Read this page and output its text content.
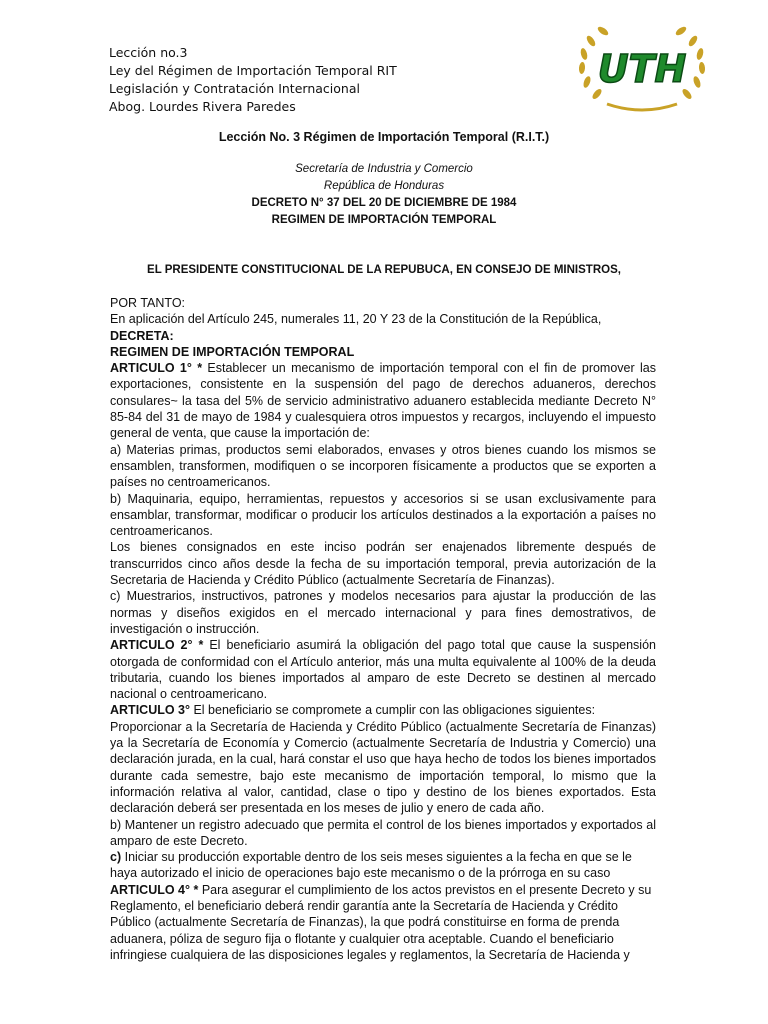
Lección no.3
Ley del Régimen de Importación Temporal RIT
Legislación y Contratación Internacional
Abog. Lourdes Rivera Paredes
UTH
Lección No. 3 Régimen de Importación Temporal (R.I.T.)
Secretaría de Industria y Comercio
República de Honduras
DECRETO N° 37 DEL 20 DE DICIEMBRE DE 1984
REGIMEN DE IMPORTACIÓN TEMPORAL
EL PRESIDENTE CONSTITUCIONAL DE LA REPUBUCA, EN CONSEJO DE MINISTROS,

POR TANTO:

En aplicación del Artículo 245, numerales 11, 20 Y 23 de la Constitución de la República,

DECRETA:

REGIMEN DE IMPORTACIÓN TEMPORAL

ARTICULO 1° * Establecer un mecanismo de importación temporal con el fin de promover las exportaciones, consistente en la suspensión del pago de derechos aduaneros, derechos consulares~ la tasa del 5% de servicio administrativo aduanero establecida mediante Decreto N° 85-84 del 31 de mayo de 1984 y cualesquiera otros impuestos y recargos, incluyendo el impuesto general de venta, que cause la importación de:

a) Materias primas, productos semi elaborados, envases y otros bienes cuando los mismos se ensamblen, transformen, modifiquen o se incorporen físicamente a productos que se exporten a países no centroamericanos.

b) Maquinaria, equipo, herramientas, repuestos y accesorios si se usan exclusivamente para ensamblar, transformar, modificar o producir los artículos destinados a la exportación a países no centroamericanos.

Los bienes consignados en este inciso podrán ser enajenados libremente después de transcurridos cinco años desde la fecha de su importación temporal, previa autorización de la Secretaria de Hacienda y Crédito Público (actualmente Secretaría de Finanzas).

c) Muestrarios, instructivos, patrones y modelos necesarios para ajustar la producción de las normas y diseños exigidos en el mercado internacional y para fines demostrativos, de investigación o instrucción.

ARTICULO 2° * El beneficiario asumirá la obligación del pago total que cause la suspensión otorgada de conformidad con el Artículo anterior, más una multa equivalente al 100% de la deuda tributaria, cuando los bienes importados al amparo de este Decreto se destinen al mercado nacional o centroamericano.

ARTICULO 3° El beneficiario se compromete a cumplir con las obligaciones siguientes:

Proporcionar a la Secretaría de Hacienda y Crédito Público (actualmente Secretaría de Finanzas) ya la Secretaría de Economía y Comercio (actualmente Secretaría de Industria y Comercio) una declaración jurada, en la cual, hará constar el uso que haya hecho de todos los bienes importados durante cada semestre, bajo este mecanismo de importación temporal, lo mismo que la información relativa al valor, cantidad, clase o tipo y destino de los bienes exportados. Esta declaración deberá ser presentada en los meses de julio y enero de cada año.

b) Mantener un registro adecuado que permita el control de los bienes importados y exportados al amparo de este Decreto.

c) Iniciar su producción exportable dentro de los seis meses siguientes a la fecha en que se le haya autorizado el inicio de operaciones bajo este mecanismo o de la prórroga en su caso

ARTICULO 4° * Para asegurar el cumplimiento de los actos previstos en el presente Decreto y su Reglamento, el beneficiario deberá rendir garantía ante la Secretaría de Hacienda y Crédito Público (actualmente Secretaría de Finanzas), la que podrá constituirse en forma de prenda aduanera, póliza de seguro fija o flotante y cualquier otra aceptable. Cuando el beneficiario infringiese cualquiera de las disposiciones legales y reglamentos, la Secretaría de Hacienda y
